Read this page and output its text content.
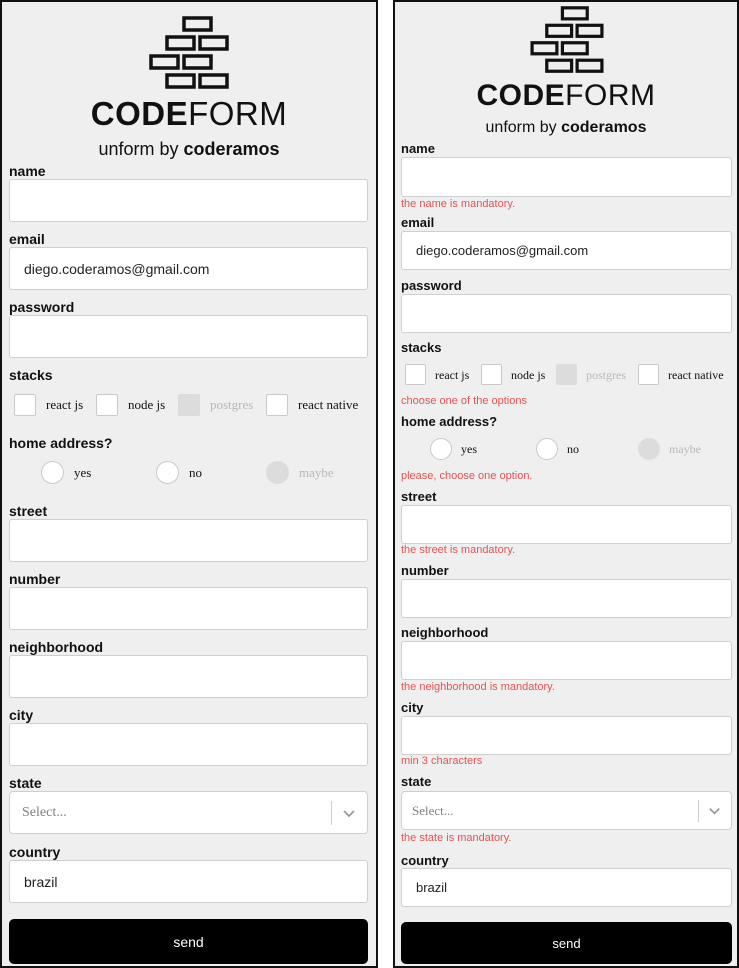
CODEFORM
unform by coderamos
name
email
diego.coderamos@gmail.com
password
stacks
react js	node js	postgres	react native
home address?
yes	no	maybe
street
number
neighborhood
city
state
Select...
country
brazil
send
CODEFORM
unform by coderamos
name
the name is mandatory.
email
diego.coderamos@gmail.com
password
stacks
react js	node js	postgres	react native
choose one of the options
home address?
yes	no	maybe
please, choose one option.
street
the street is mandatory.
number
neighborhood
the neighborhood is mandatory.
city
min 3 characters
state
Select...
the state is mandatory.
country
brazil
send
